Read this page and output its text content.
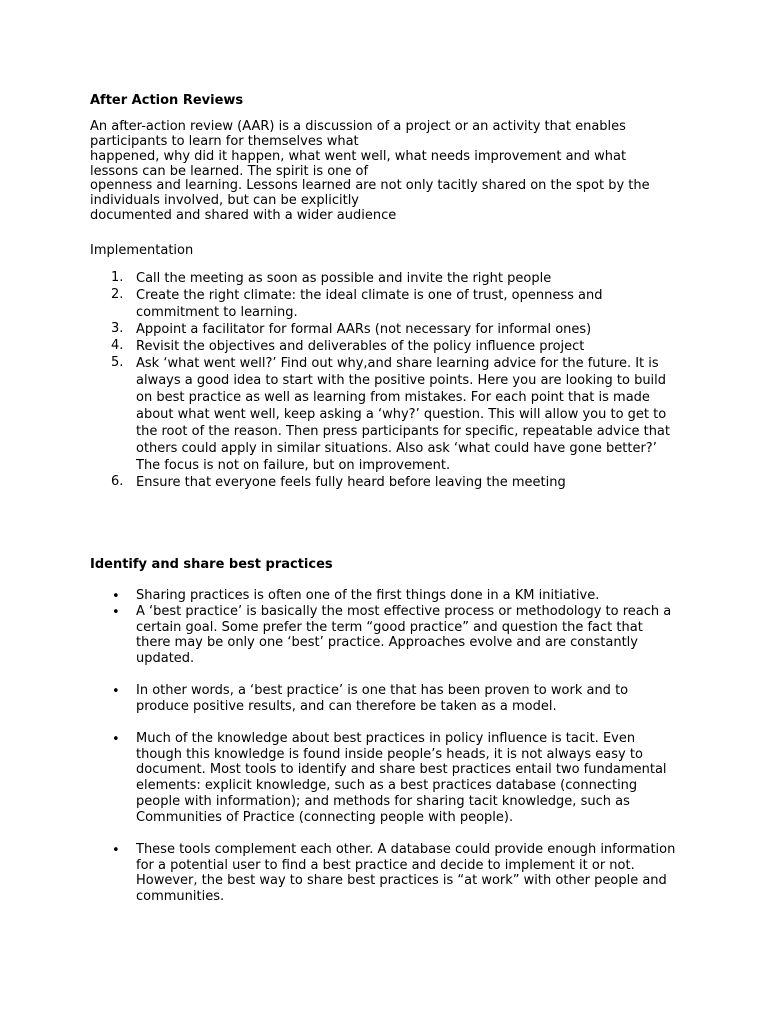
After Action Reviews
An after-action review (AAR) is a discussion of a project or an activity that enables
participants to learn for themselves what
happened, why did it happen, what went well, what needs improvement and what
lessons can be learned. The spirit is one of
openness and learning. Lessons learned are not only tacitly shared on the spot by the
individuals involved, but can be explicitly
documented and shared with a wider audience
Implementation
1. Call the meeting as soon as possible and invite the right people
2. Create the right climate: the ideal climate is one of trust, openness and commitment to learning.
3. Appoint a facilitator for formal AARs (not necessary for informal ones)
4. Revisit the objectives and deliverables of the policy influence project
5. Ask ‘what went well?’ Find out why,and share learning advice for the future. It is always a good idea to start with the positive points. Here you are looking to build on best practice as well as learning from mistakes. For each point that is made about what went well, keep asking a ‘why?’ question. This will allow you to get to the root of the reason. Then press participants for specific, repeatable advice that others could apply in similar situations. Also ask ‘what could have gone better?’ The focus is not on failure, but on improvement.
6. Ensure that everyone feels fully heard before leaving the meeting
Identify and share best practices
• Sharing practices is often one of the first things done in a KM initiative.
• A ‘best practice’ is basically the most effective process or methodology to reach a certain goal. Some prefer the term “good practice” and question the fact that there may be only one ‘best’ practice. Approaches evolve and are constantly updated.
• In other words, a ‘best practice’ is one that has been proven to work and to produce positive results, and can therefore be taken as a model.
• Much of the knowledge about best practices in policy influence is tacit. Even though this knowledge is found inside people’s heads, it is not always easy to document. Most tools to identify and share best practices entail two fundamental elements: explicit knowledge, such as a best practices database (connecting people with information); and methods for sharing tacit knowledge, such as Communities of Practice (connecting people with people).
• These tools complement each other. A database could provide enough information for a potential user to find a best practice and decide to implement it or not. However, the best way to share best practices is “at work” with other people and communities.
